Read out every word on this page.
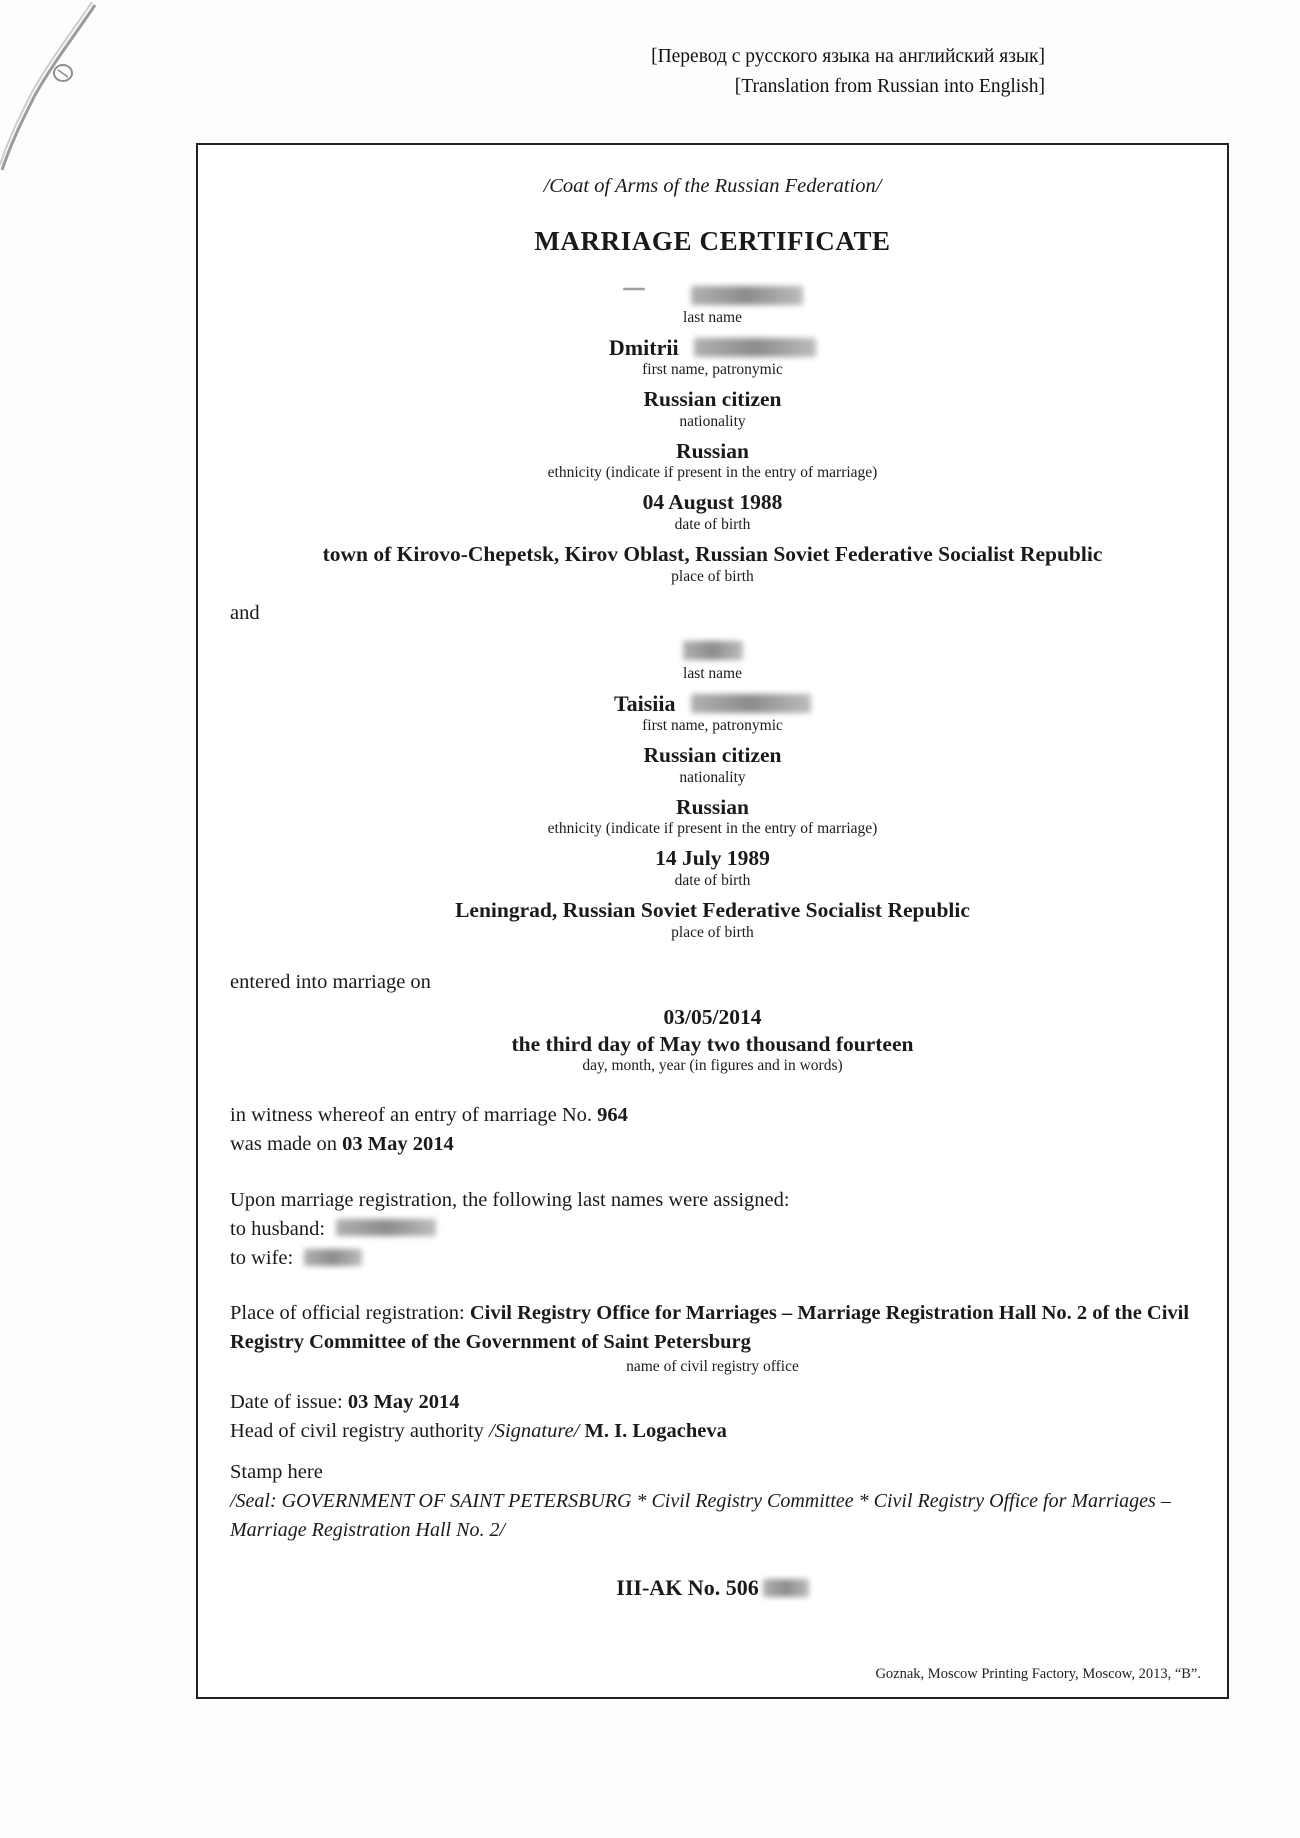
[Перевод с русского языка на английский язык]
[Translation from Russian into English]
/Coat of Arms of the Russian Federation/
MARRIAGE CERTIFICATE
last name
Dmitrii
first name, patronymic
Russian citizen
nationality
Russian
ethnicity (indicate if present in the entry of marriage)
04 August 1988
date of birth
town of Kirovo-Chepetsk, Kirov Oblast, Russian Soviet Federative Socialist Republic
place of birth
and
last name
Taisiia
first name, patronymic
Russian citizen
nationality
Russian
ethnicity (indicate if present in the entry of marriage)
14 July 1989
date of birth
Leningrad, Russian Soviet Federative Socialist Republic
place of birth
entered into marriage on
03/05/2014
the third day of May two thousand fourteen
day, month, year (in figures and in words)
in witness whereof an entry of marriage No. 964
was made on 03 May 2014
Upon marriage registration, the following last names were assigned:
to husband:
to wife:
Place of official registration: Civil Registry Office for Marriages – Marriage Registration Hall No. 2 of the Civil Registry Committee of the Government of Saint Petersburg
name of civil registry office
Date of issue: 03 May 2014
Head of civil registry authority /Signature/ M. I. Logacheva
Stamp here
/Seal: GOVERNMENT OF SAINT PETERSBURG * Civil Registry Committee * Civil Registry Office for Marriages – Marriage Registration Hall No. 2/
III-AK No. 506
Goznak, Moscow Printing Factory, Moscow, 2013, “В”.
